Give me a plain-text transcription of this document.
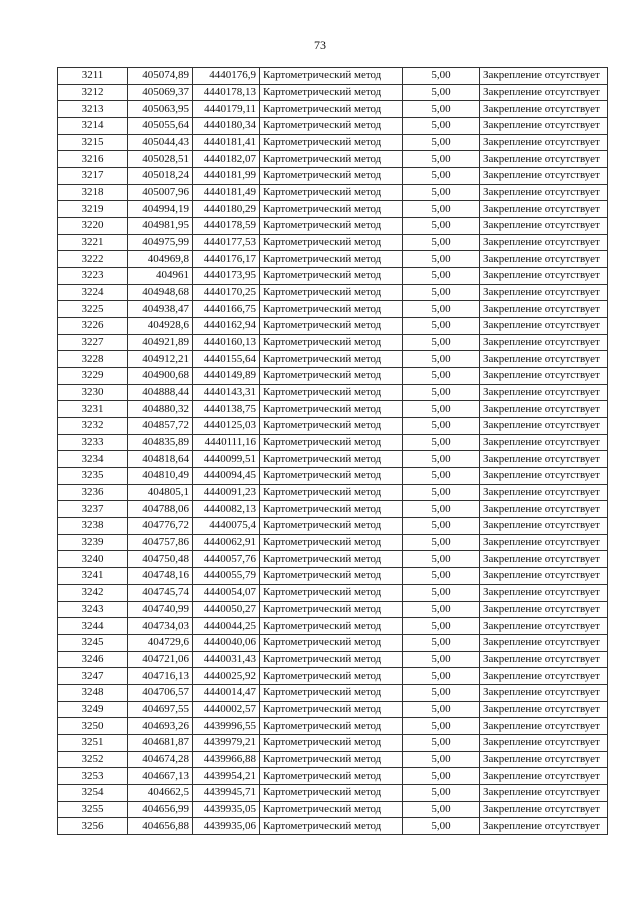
73
3211	405074,89	4440176,9	Картометрический метод	5,00	Закрепление отсутствует
3212	405069,37	4440178,13	Картометрический метод	5,00	Закрепление отсутствует
3213	405063,95	4440179,11	Картометрический метод	5,00	Закрепление отсутствует
3214	405055,64	4440180,34	Картометрический метод	5,00	Закрепление отсутствует
3215	405044,43	4440181,41	Картометрический метод	5,00	Закрепление отсутствует
3216	405028,51	4440182,07	Картометрический метод	5,00	Закрепление отсутствует
3217	405018,24	4440181,99	Картометрический метод	5,00	Закрепление отсутствует
3218	405007,96	4440181,49	Картометрический метод	5,00	Закрепление отсутствует
3219	404994,19	4440180,29	Картометрический метод	5,00	Закрепление отсутствует
3220	404981,95	4440178,59	Картометрический метод	5,00	Закрепление отсутствует
3221	404975,99	4440177,53	Картометрический метод	5,00	Закрепление отсутствует
3222	404969,8	4440176,17	Картометрический метод	5,00	Закрепление отсутствует
3223	404961	4440173,95	Картометрический метод	5,00	Закрепление отсутствует
3224	404948,68	4440170,25	Картометрический метод	5,00	Закрепление отсутствует
3225	404938,47	4440166,75	Картометрический метод	5,00	Закрепление отсутствует
3226	404928,6	4440162,94	Картометрический метод	5,00	Закрепление отсутствует
3227	404921,89	4440160,13	Картометрический метод	5,00	Закрепление отсутствует
3228	404912,21	4440155,64	Картометрический метод	5,00	Закрепление отсутствует
3229	404900,68	4440149,89	Картометрический метод	5,00	Закрепление отсутствует
3230	404888,44	4440143,31	Картометрический метод	5,00	Закрепление отсутствует
3231	404880,32	4440138,75	Картометрический метод	5,00	Закрепление отсутствует
3232	404857,72	4440125,03	Картометрический метод	5,00	Закрепление отсутствует
3233	404835,89	4440111,16	Картометрический метод	5,00	Закрепление отсутствует
3234	404818,64	4440099,51	Картометрический метод	5,00	Закрепление отсутствует
3235	404810,49	4440094,45	Картометрический метод	5,00	Закрепление отсутствует
3236	404805,1	4440091,23	Картометрический метод	5,00	Закрепление отсутствует
3237	404788,06	4440082,13	Картометрический метод	5,00	Закрепление отсутствует
3238	404776,72	4440075,4	Картометрический метод	5,00	Закрепление отсутствует
3239	404757,86	4440062,91	Картометрический метод	5,00	Закрепление отсутствует
3240	404750,48	4440057,76	Картометрический метод	5,00	Закрепление отсутствует
3241	404748,16	4440055,79	Картометрический метод	5,00	Закрепление отсутствует
3242	404745,74	4440054,07	Картометрический метод	5,00	Закрепление отсутствует
3243	404740,99	4440050,27	Картометрический метод	5,00	Закрепление отсутствует
3244	404734,03	4440044,25	Картометрический метод	5,00	Закрепление отсутствует
3245	404729,6	4440040,06	Картометрический метод	5,00	Закрепление отсутствует
3246	404721,06	4440031,43	Картометрический метод	5,00	Закрепление отсутствует
3247	404716,13	4440025,92	Картометрический метод	5,00	Закрепление отсутствует
3248	404706,57	4440014,47	Картометрический метод	5,00	Закрепление отсутствует
3249	404697,55	4440002,57	Картометрический метод	5,00	Закрепление отсутствует
3250	404693,26	4439996,55	Картометрический метод	5,00	Закрепление отсутствует
3251	404681,87	4439979,21	Картометрический метод	5,00	Закрепление отсутствует
3252	404674,28	4439966,88	Картометрический метод	5,00	Закрепление отсутствует
3253	404667,13	4439954,21	Картометрический метод	5,00	Закрепление отсутствует
3254	404662,5	4439945,71	Картометрический метод	5,00	Закрепление отсутствует
3255	404656,99	4439935,05	Картометрический метод	5,00	Закрепление отсутствует
3256	404656,88	4439935,06	Картометрический метод	5,00	Закрепление отсутствует
